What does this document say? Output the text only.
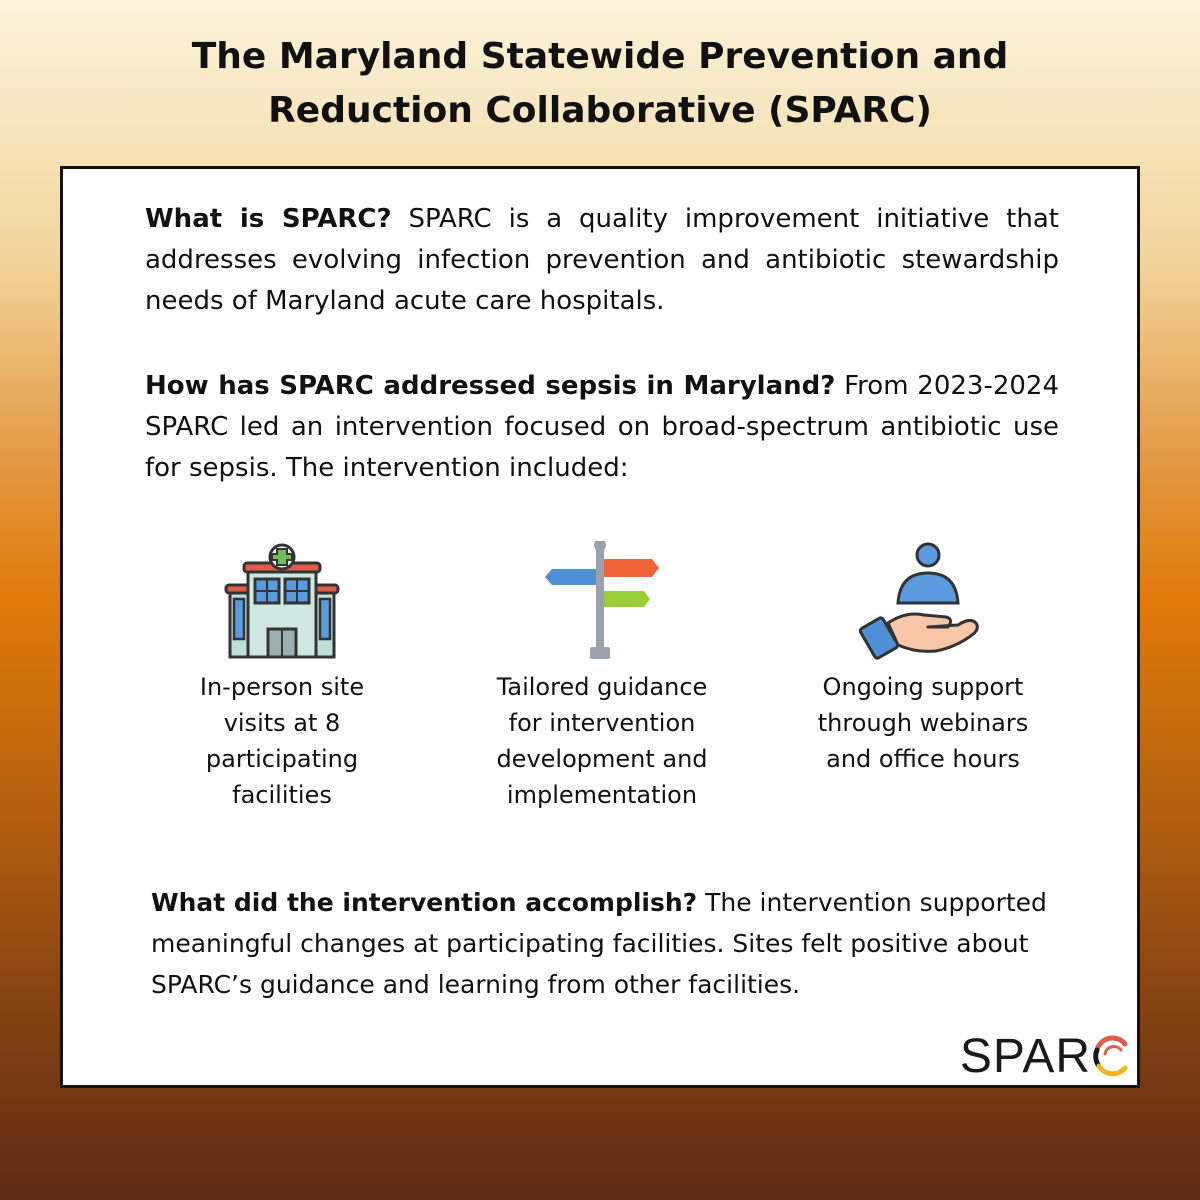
The Maryland Statewide Prevention and
Reduction Collaborative (SPARC)

What is SPARC? SPARC is a quality improvement initiative that addresses evolving infection prevention and antibiotic stewardship needs of Maryland acute care hospitals.

How has SPARC addressed sepsis in Maryland? From 2023-2024 SPARC led an intervention focused on broad-spectrum antibiotic use for sepsis. The intervention included:

In-person site
visits at 8
participating
facilities
Tailored guidance
for intervention
development and
implementation
Ongoing support
through webinars
and office hours

What did the intervention accomplish? The intervention supported meaningful changes at participating facilities. Sites felt positive about SPARC’s guidance and learning from other facilities.

SPAR
